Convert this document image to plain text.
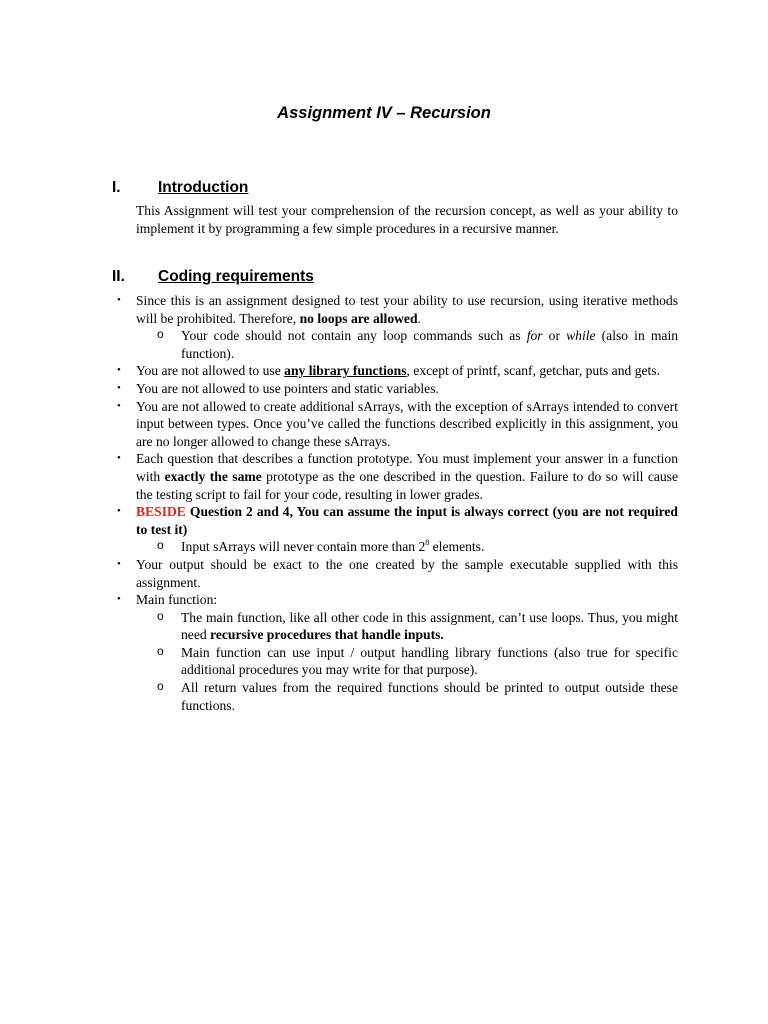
Assignment IV – Recursion
I. Introduction
This Assignment will test your comprehension of the recursion concept, as well as your ability to implement it by programming a few simple procedures in a recursive manner.
II. Coding requirements
• Since this is an assignment designed to test your ability to use recursion, using iterative methods will be prohibited. Therefore, no loops are allowed.
o Your code should not contain any loop commands such as for or while (also in main function).
• You are not allowed to use any library functions, except of printf, scanf, getchar, puts and gets.
• You are not allowed to use pointers and static variables.
• You are not allowed to create additional sArrays, with the exception of sArrays intended to convert input between types. Once you’ve called the functions described explicitly in this assignment, you are no longer allowed to change these sArrays.
• Each question that describes a function prototype. You must implement your answer in a function with exactly the same prototype as the one described in the question. Failure to do so will cause the testing script to fail for your code, resulting in lower grades.
• BESIDE Question 2 and 4, You can assume the input is always correct (you are not required to test it)
o Input sArrays will never contain more than $2^8$ elements.
• Your output should be exact to the one created by the sample executable supplied with this assignment.
• Main function:
o The main function, like all other code in this assignment, can’t use loops. Thus, you might need recursive procedures that handle inputs.
o Main function can use input / output handling library functions (also true for specific additional procedures you may write for that purpose).
o All return values from the required functions should be printed to output outside these functions.
